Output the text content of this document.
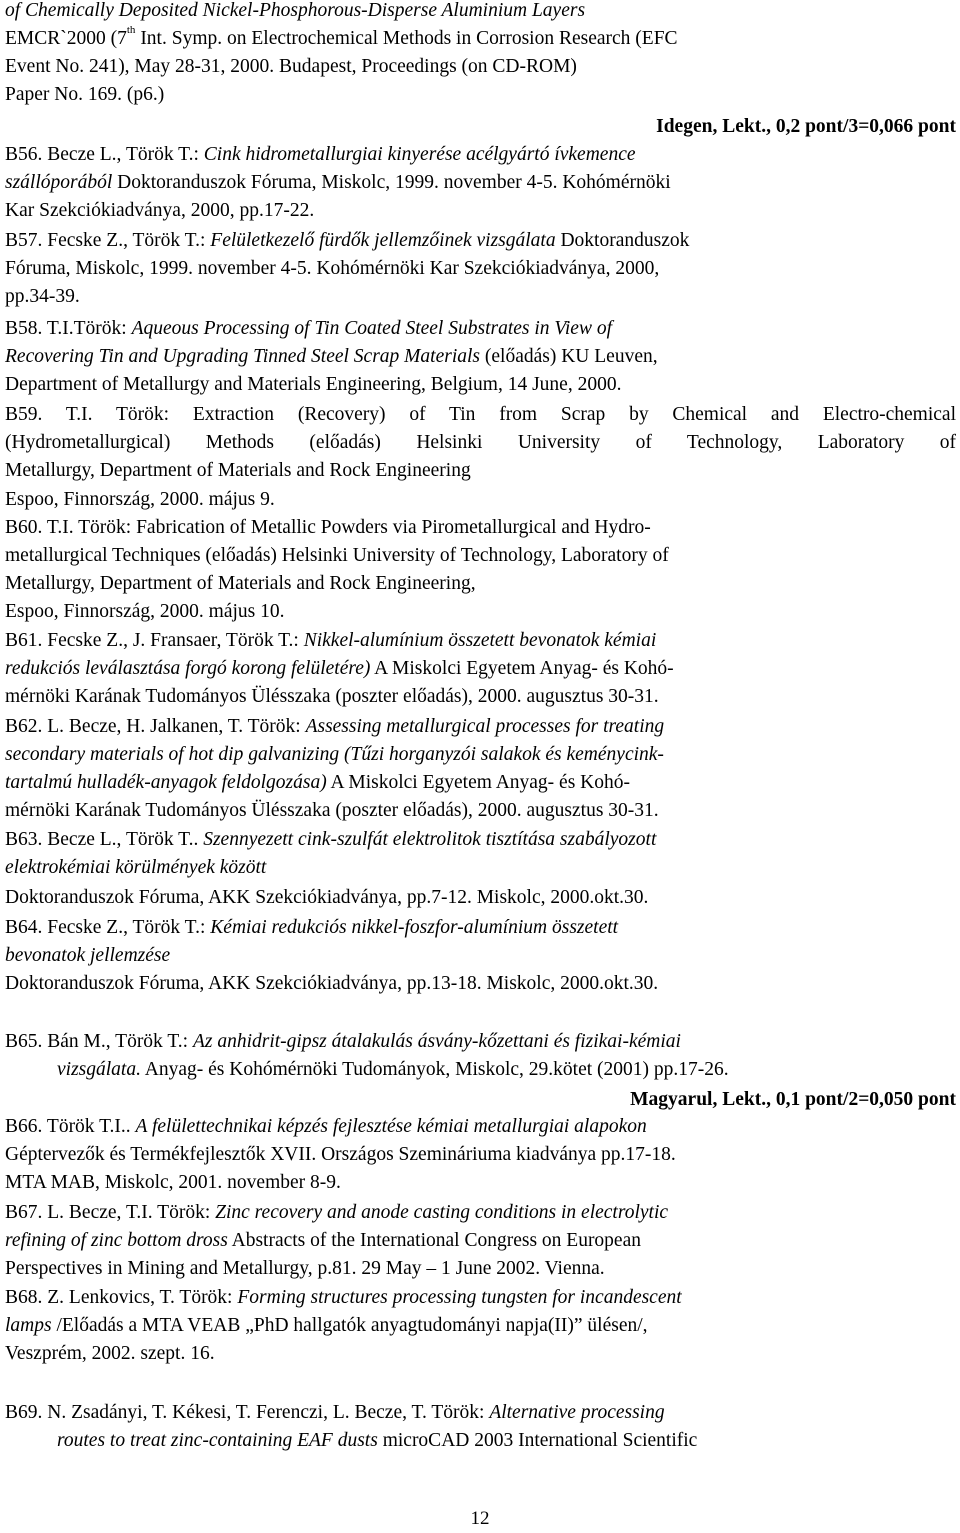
of Chemically Deposited Nickel-Phosphorous-Disperse Aluminium Layers
EMCR`2000 (7th Int. Symp. on Electrochemical Methods in Corrosion Research (EFC
Event No. 241), May 28-31, 2000. Budapest, Proceedings (on CD-ROM)
Paper No. 169. (p6.)
Idegen, Lekt., 0,2 pont/3=0,066 pont
B56. Becze L., Török T.: Cink hidrometallurgiai kinyerése acélgyártó ívkemence
szállóporából Doktoranduszok Fóruma, Miskolc, 1999. november 4-5. Kohómérnöki
Kar Szekciókiadványa, 2000, pp.17-22.
B57. Fecske Z., Török T.: Felületkezelő fürdők jellemzőinek vizsgálata Doktoranduszok
Fóruma, Miskolc, 1999. november 4-5. Kohómérnöki Kar Szekciókiadványa, 2000,
pp.34-39.
B58. T.I.Török: Aqueous Processing of Tin Coated Steel Substrates in View of
Recovering Tin and Upgrading Tinned Steel Scrap Materials (előadás) KU Leuven,
Department of Metallurgy and Materials Engineering, Belgium, 14 June, 2000.
B59. T.I. Török: Extraction (Recovery) of Tin from Scrap by Chemical and Electro-chemical
(Hydrometallurgical) Methods (előadás) Helsinki University of Technology, Laboratory of
Metallurgy, Department of Materials and Rock Engineering
Espoo, Finnország, 2000. május 9.
B60. T.I. Török: Fabrication of Metallic Powders via Pirometallurgical and Hydro-
metallurgical Techniques (előadás) Helsinki University of Technology, Laboratory of
Metallurgy, Department of Materials and Rock Engineering,
Espoo, Finnország, 2000. május 10.
B61. Fecske Z., J. Fransaer, Török T.: Nikkel-alumínium összetett bevonatok kémiai
redukciós leválasztása forgó korong felületére) A Miskolci Egyetem Anyag- és Kohó-
mérnöki Karának Tudományos Ülésszaka (poszter előadás), 2000. augusztus 30-31.
B62. L. Becze, H. Jalkanen, T. Török: Assessing metallurgical processes for treating
secondary materials of hot dip galvanizing (Tűzi horganyzói salakok és keménycink-
tartalmú hulladék-anyagok feldolgozása) A Miskolci Egyetem Anyag- és Kohó-
mérnöki Karának Tudományos Ülésszaka (poszter előadás), 2000. augusztus 30-31.
B63. Becze L., Török T.. Szennyezett cink-szulfát elektrolitok tisztítása szabályozott
elektrokémiai körülmények között
Doktoranduszok Fóruma, AKK Szekciókiadványa, pp.7-12. Miskolc, 2000.okt.30.
B64. Fecske Z., Török T.: Kémiai redukciós nikkel-foszfor-alumínium összetett
bevonatok jellemzése
Doktoranduszok Fóruma, AKK Szekciókiadványa, pp.13-18. Miskolc, 2000.okt.30.
B65. Bán M., Török T.: Az anhidrit-gipsz átalakulás ásvány-kőzettani és fizikai-kémiai
vizsgálata. Anyag- és Kohómérnöki Tudományok, Miskolc, 29.kötet (2001) pp.17-26.
Magyarul, Lekt., 0,1 pont/2=0,050 pont
B66. Török T.I.. A felülettechnikai képzés fejlesztése kémiai metallurgiai alapokon
Géptervezők és Termékfejlesztők XVII. Országos Szemináriuma kiadványa pp.17-18.
MTA MAB, Miskolc, 2001. november 8-9.
B67. L. Becze, T.I. Török: Zinc recovery and anode casting conditions in electrolytic
refining of zinc bottom dross Abstracts of the International Congress on European
Perspectives in Mining and Metallurgy, p.81. 29 May – 1 June 2002. Vienna.
B68. Z. Lenkovics, T. Török: Forming structures processing tungsten for incandescent
lamps /Előadás a MTA VEAB „PhD hallgatók anyagtudományi napja(II)” ülésen/,
Veszprém, 2002. szept. 16.
B69. N. Zsadányi, T. Kékesi, T. Ferenczi, L. Becze, T. Török: Alternative processing
routes to treat zinc-containing EAF dusts microCAD 2003 International Scientific
12
